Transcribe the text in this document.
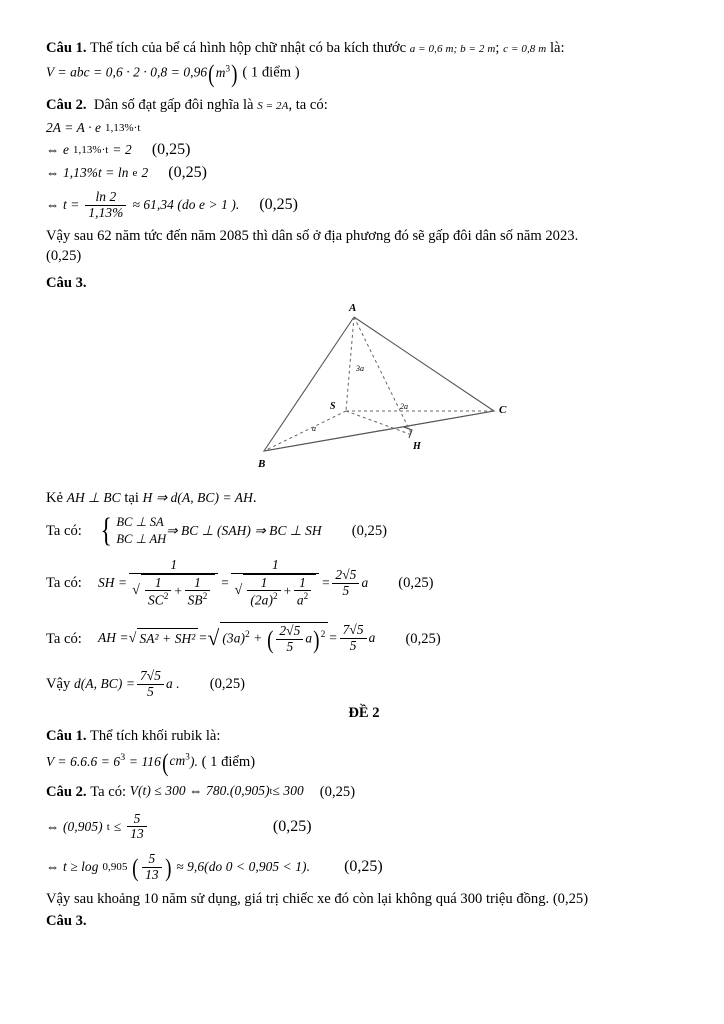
Câu 1. Thể tích của bể cá hình hộp chữ nhật có ba kích thước a = 0,6 m; b = 2 m; c = 0,8 m là:
V = abc = $0,6 \cdot 2 \cdot 0,8 = 0,96(m^3)$ ( 1 điểm )
Câu 2. Dân số đạt gấp đôi nghĩa là S = 2A, ta có:
2A = A · e 1,13%·t
⇔ e 1,13%·t = 2 (0,25)
⇔ 1,13%t = ln e 2 (0,25)
⇔ $t = \frac{\ln 2}{1,13\%} \approx 61,34$ (do e > 1 ). (0,25)
Vậy sau 62 năm tức đến năm 2085 thì dân số ở địa phương đó sẽ gấp đôi dân số năm 2023.
(0,25)
Câu 3.
A
B
C
S
H
3a
2a
a
Kẻ
AH ⊥ BC
tại
H ⇒ d(A, BC) = AH .
Ta có: { BC ⊥ SA
BC ⊥ AH
⇒ BC ⊥ (SAH) ⇒ BC ⊥ SH (0,25)
Ta có:	SH =
1
√ $\frac{1}{SC^2} + \frac{1}{SB^2}$ =
1
√ $\frac{1}{(2a)^2} + \frac{1}{a^2} = \frac{2√5}{5}$ a (0,25)
Ta có:	AH = √ SA² + SH² = √ $(3a)^2$ + ( $\frac{2√5}{5} a)^2 = \frac{7√5}{5}$ a (0,25)
Vậy
d(A, $BC) = \frac{7√5}{5}$ a . (0,25)
ĐỀ 2
Câu 1. Thể tích khối rubik là:
$V = 6.6.6 = 6^3 = 116(cm^3)$. ( 1 điểm)
Câu 2.
Ta có:
V(t) ≤ 300 ⇔ 780.(0,905) t ≤ 300 (0,25)
⇔ (0,905) $t \le \frac{5}{13}$	(0,25)
⇔ t ≥ log 0,905 ( $\frac{5}{13}$ ) ≈ 9,6(do 0 < 0,905 < 1). (0,25)
Vậy sau khoảng 10 năm sử dụng, giá trị chiếc xe đó còn lại không quá 300 triệu đồng. (0,25)
Câu 3.
